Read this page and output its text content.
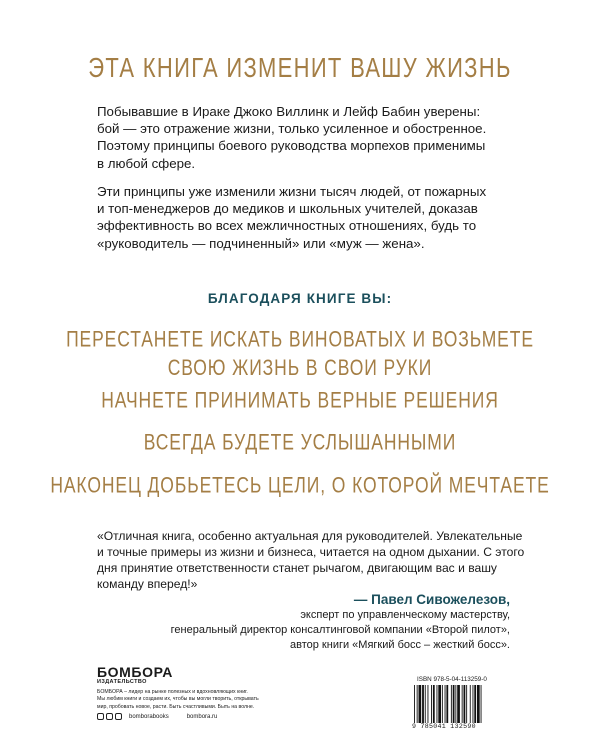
ЭТА КНИГА ИЗМЕНИТ ВАШУ ЖИЗНЬ
Побывавшие в Ираке Джоко Виллинк и Лейф Бабин уверены:
бой — это отражение жизни, только усиленное и обостренное.
Поэтому принципы боевого руководства морпехов применимы
в любой сфере.
Эти принципы уже изменили жизни тысяч людей, от пожарных
и топ-менеджеров до медиков и школьных учителей, доказав
эффективность во всех межличностных отношениях, будь то
«руководитель — подчиненный» или «муж — жена».
БЛАГОДАРЯ КНИГЕ ВЫ:
ПЕРЕСТАНЕТЕ ИСКАТЬ ВИНОВАТЫХ И ВОЗЬМЕТЕ
СВОЮ ЖИЗНЬ В СВОИ РУКИ
НАЧНЕТЕ ПРИНИМАТЬ ВЕРНЫЕ РЕШЕНИЯ
ВСЕГДА БУДЕТЕ УСЛЫШАННЫМИ
НАКОНЕЦ ДОБЬЕТЕСЬ ЦЕЛИ, О КОТОРОЙ МЕЧТАЕТЕ
«Отличная книга, особенно актуальная для руководителей. Увлекательные
и точные примеры из жизни и бизнеса, читается на одном дыхании. С этого
дня принятие ответственности станет рычагом, двигающим вас и вашу
команду вперед!»
— Павел Сивожелезов,
эксперт по управленческому мастерству,
генеральный директор консалтинговой компании «Второй пилот»,
автор книги «Мягкий босс – жесткий босс».
БОМБОРА
ИЗДАТЕЛЬСТВО
БОМБОРА – лидер на рынке полезных и вдохновляющих книг.
Мы любим книги и создаем их, чтобы вы могли творить, открывать
мир, пробовать новое, расти. Быть счастливыми. Быть на волне.
bomborabooks	bombora.ru
ISBN 978-5-04-113259-0
9 785041 132590
